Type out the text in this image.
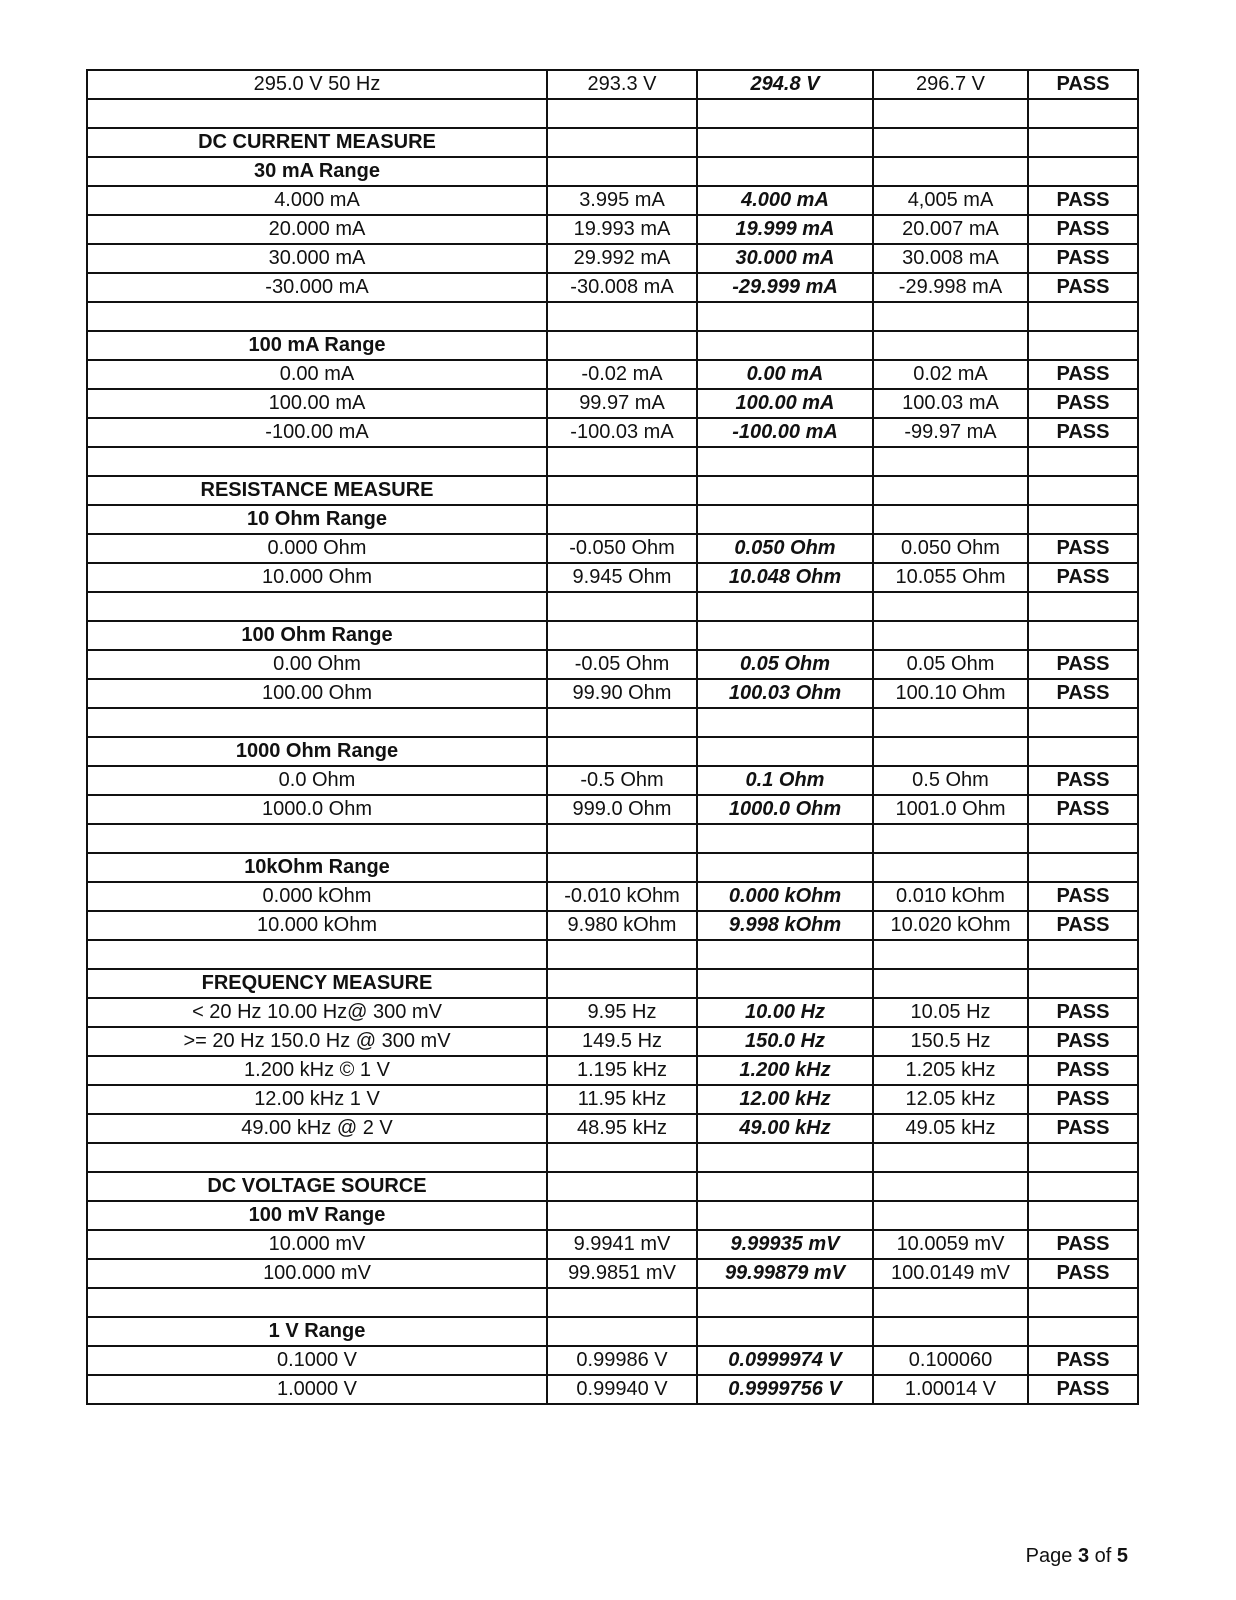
295.0 V 50 Hz	293.3 V	294.8 V	296.7 V	PASS

DC CURRENT MEASURE				
30 mA Range				
4.000 mA	3.995 mA	4.000 mA	4,005 mA	PASS
20.000 mA	19.993 mA	19.999 mA	20.007 mA	PASS
30.000 mA	29.992 mA	30.000 mA	30.008 mA	PASS
-30.000 mA	-30.008 mA	-29.999 mA	-29.998 mA	PASS

100 mA Range				
0.00 mA	-0.02 mA	0.00 mA	0.02 mA	PASS
100.00 mA	99.97 mA	100.00 mA	100.03 mA	PASS
-100.00 mA	-100.03 mA	-100.00 mA	-99.97 mA	PASS

RESISTANCE MEASURE				
10 Ohm Range				
0.000 Ohm	-0.050 Ohm	0.050 Ohm	0.050 Ohm	PASS
10.000 Ohm	9.945 Ohm	10.048 Ohm	10.055 Ohm	PASS

100 Ohm Range				
0.00 Ohm	-0.05 Ohm	0.05 Ohm	0.05 Ohm	PASS
100.00 Ohm	99.90 Ohm	100.03 Ohm	100.10 Ohm	PASS

1000 Ohm Range				
0.0 Ohm	-0.5 Ohm	0.1 Ohm	0.5 Ohm	PASS
1000.0 Ohm	999.0 Ohm	1000.0 Ohm	1001.0 Ohm	PASS

10kOhm Range				
0.000 kOhm	-0.010 kOhm	0.000 kOhm	0.010 kOhm	PASS
10.000 kOhm	9.980 kOhm	9.998 kOhm	10.020 kOhm	PASS

FREQUENCY MEASURE				
< 20 Hz 10.00 Hz@ 300 mV	9.95 Hz	10.00 Hz	10.05 Hz	PASS
>= 20 Hz 150.0 Hz @ 300 mV	149.5 Hz	150.0 Hz	150.5 Hz	PASS
1.200 kHz © 1 V	1.195 kHz	1.200 kHz	1.205 kHz	PASS
12.00 kHz 1 V	11.95 kHz	12.00 kHz	12.05 kHz	PASS
49.00 kHz @ 2 V	48.95 kHz	49.00 kHz	49.05 kHz	PASS

DC VOLTAGE SOURCE				
100 mV Range				
10.000 mV	9.9941 mV	9.99935 mV	10.0059 mV	PASS
100.000 mV	99.9851 mV	99.99879 mV	100.0149 mV	PASS

1 V Range				
0.1000 V	0.99986 V	0.0999974 V	0.100060	PASS
1.0000 V	0.99940 V	0.9999756 V	1.00014 V	PASS
Page 3 of 5
